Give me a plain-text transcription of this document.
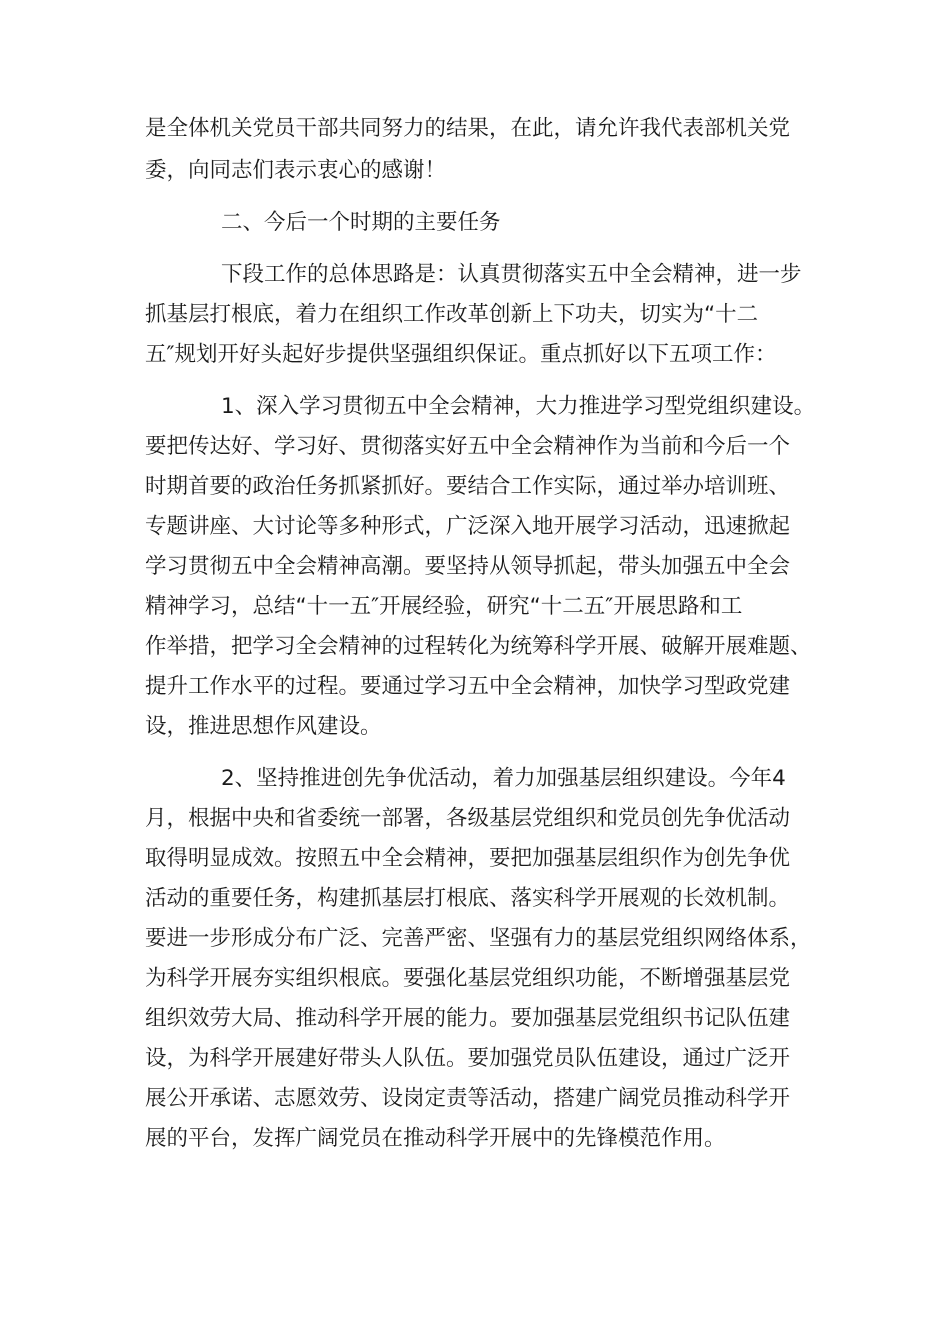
是全体机关党员干部共同努力的结果，在此，请允许我代表部机关党
委，向同志们表示衷心的感谢！
二、今后一个时期的主要任务
下段工作的总体思路是：认真贯彻落实五中全会精神，进一步
抓基层打根底，着力在组织工作改革创新上下功夫，切实为“十二
五″规划开好头起好步提供坚强组织保证。重点抓好以下五项工作：
1、深入学习贯彻五中全会精神，大力推进学习型党组织建设。
要把传达好、学习好、贯彻落实好五中全会精神作为当前和今后一个
时期首要的政治任务抓紧抓好。要结合工作实际，通过举办培训班、
专题讲座、大讨论等多种形式，广泛深入地开展学习活动，迅速掀起
学习贯彻五中全会精神高潮。要坚持从领导抓起，带头加强五中全会
精神学习，总结“十一五″开展经验，研究“十二五″开展思路和工
作举措，把学习全会精神的过程转化为统筹科学开展、破解开展难题、
提升工作水平的过程。要通过学习五中全会精神，加快学习型政党建
设，推进思想作风建设。
2、坚持推进创先争优活动，着力加强基层组织建设。今年4
月，根据中央和省委统一部署，各级基层党组织和党员创先争优活动
取得明显成效。按照五中全会精神，要把加强基层组织作为创先争优
活动的重要任务，构建抓基层打根底、落实科学开展观的长效机制。
要进一步形成分布广泛、完善严密、坚强有力的基层党组织网络体系，
为科学开展夯实组织根底。要强化基层党组织功能，不断增强基层党
组织效劳大局、推动科学开展的能力。要加强基层党组织书记队伍建
设，为科学开展建好带头人队伍。要加强党员队伍建设，通过广泛开
展公开承诺、志愿效劳、设岗定责等活动，搭建广阔党员推动科学开
展的平台，发挥广阔党员在推动科学开展中的先锋模范作用。
